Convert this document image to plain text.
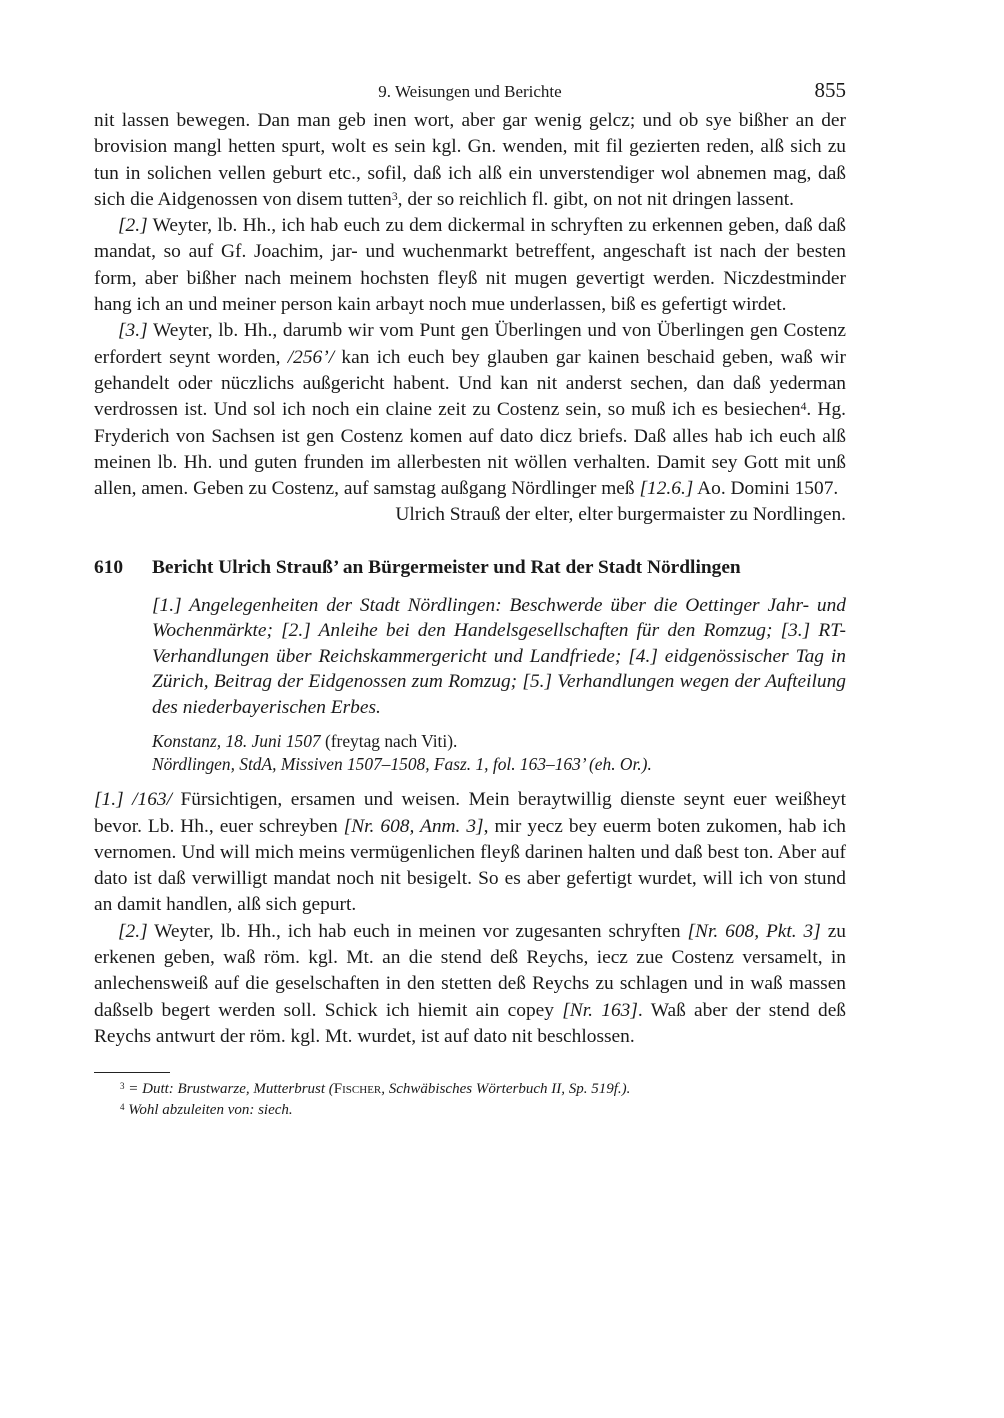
9. Weisungen und Berichte	855

nit lassen bewegen. Dan man geb inen wort, aber gar wenig gelcz; und ob sye bißher an der brovision mangl hetten spurt, wolt es sein kgl. Gn. wenden, mit fil gezierten reden, alß sich zu tun in solichen vellen geburt etc., sofil, daß ich alß ein unverstendiger wol abnemen mag, daß sich die Aidgenossen von disem tutten$^3$, der so reichlich fl. gibt, on not nit dringen lassent.

[2.] Weyter, lb. Hh., ich hab euch zu dem dickermal in schryften zu erkennen geben, daß daß mandat, so auf Gf. Joachim, jar- und wuchenmarkt betreffent, angeschaft ist nach der besten form, aber bißher nach meinem hochsten fleyß nit mugen gevertigt werden. Niczdestminder hang ich an und meiner person kain arbayt noch mue underlassen, biß es gefertigt wirdet.

[3.] Weyter, lb. Hh., darumb wir vom Punt gen Überlingen und von Überlingen gen Costenz erfordert seynt worden, /256’/ kan ich euch bey glauben gar kainen beschaid geben, waß wir gehandelt oder nüczlichs außgericht habent. Und kan nit anderst sechen, dan daß yederman verdrossen ist. Und sol ich noch ein claine zeit zu Costenz sein, so muß ich es besiechen$^4$. Hg. Fryderich von Sachsen ist gen Costenz komen auf dato dicz briefs. Daß alles hab ich euch alß meinen lb. Hh. und guten frunden im allerbesten nit wöllen verhalten. Damit sey Gott mit unß allen, amen. Geben zu Costenz, auf samstag außgang Nördlinger meß [12.6.] Ao. Domini 1507.

Ulrich Strauß der elter, elter burgermaister zu Nordlingen.

610	Bericht Ulrich Strauß’ an Bürgermeister und Rat der Stadt Nördlingen
[1.] Angelegenheiten der Stadt Nördlingen: Beschwerde über die Oettinger Jahr- und Wochenmärkte; [2.] Anleihe bei den Handelsgesellschaften für den Romzug; [3.] RT-Verhandlungen über Reichskammergericht und Landfriede; [4.] eidgenössischer Tag in Zürich, Beitrag der Eidgenossen zum Romzug; [5.] Verhandlungen wegen der Aufteilung des niederbayerischen Erbes.
Konstanz, 18. Juni 1507 (freytag nach Viti).
Nördlingen, StdA, Missiven 1507–1508, Fasz. 1, fol. 163–163’ (eh. Or.).

[1.] /163/ Fürsichtigen, ersamen und weisen. Mein beraytwillig dienste seynt euer weißheyt bevor. Lb. Hh., euer schreyben [Nr. 608, Anm. 3], mir yecz bey euerm boten zukomen, hab ich vernomen. Und will mich meins vermügenlichen fleyß darinen halten und daß best ton. Aber auf dato ist daß verwilligt mandat noch nit besigelt. So es aber gefertigt wurdet, will ich von stund an damit handlen, alß sich gepurt.

[2.] Weyter, lb. Hh., ich hab euch in meinen vor zugesanten schryften [Nr. 608, Pkt. 3] zu erkenen geben, waß röm. kgl. Mt. an die stend deß Reychs, iecz zue Costenz versamelt, in anlechensweiß auf die geselschaften in den stetten deß Reychs zu schlagen und in waß massen daßselb begert werden soll. Schick ich hiemit ain copey [Nr. 163]. Waß aber der stend deß Reychs antwurt der röm. kgl. Mt. wurdet, ist auf dato nit beschlossen.

$^3$ = Dutt: Brustwarze, Mutterbrust (Fischer, Schwäbisches Wörterbuch II, Sp. 519f.).
$^4$ Wohl abzuleiten von: siech.
